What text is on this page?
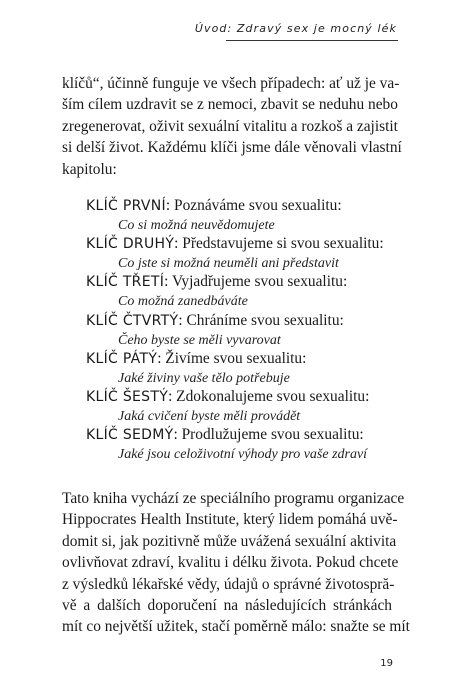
Úvod: Zdravý sex je mocný lék

klíčů“, účinně funguje ve všech případech: ať už je va-
ším cílem uzdravit se z nemoci, zbavit se neduhu nebo
zregenerovat, oživit sexuální vitalitu a rozkoš a zajistit
si delší život. Každému klíči jsme dále věnovali vlastní
kapitolu:

KLÍČ PRVNÍ: Poznáváme svou sexualitu:
Co si možná neuvědomujete
KLÍČ DRUHÝ: Představujeme si svou sexualitu:
Co jste si možná neuměli ani představit
KLÍČ TŘETÍ: Vyjadřujeme svou sexualitu:
Co možná zanedbáváte
KLÍČ ČTVRTÝ: Chráníme svou sexualitu:
Čeho byste se měli vyvarovat
KLÍČ PÁTÝ: Živíme svou sexualitu:
Jaké živiny vaše tělo potřebuje
KLÍČ ŠESTÝ: Zdokonalujeme svou sexualitu:
Jaká cvičení byste měli provádět
KLÍČ SEDMÝ: Prodlužujeme svou sexualitu:
Jaké jsou celoživotní výhody pro vaše zdraví

Tato kniha vychází ze speciálního programu organizace
Hippocrates Health Institute, který lidem pomáhá uvě-
domit si, jak pozitivně může uvážená sexuální aktivita
ovlivňovat zdraví, kvalitu i délku života. Pokud chcete
z výsledků lékařské vědy, údajů o správné životospră-
vě a dalších doporučení na následujících stránkách
mít co největší užitek, stačí poměrně málo: snažte se mít

19
